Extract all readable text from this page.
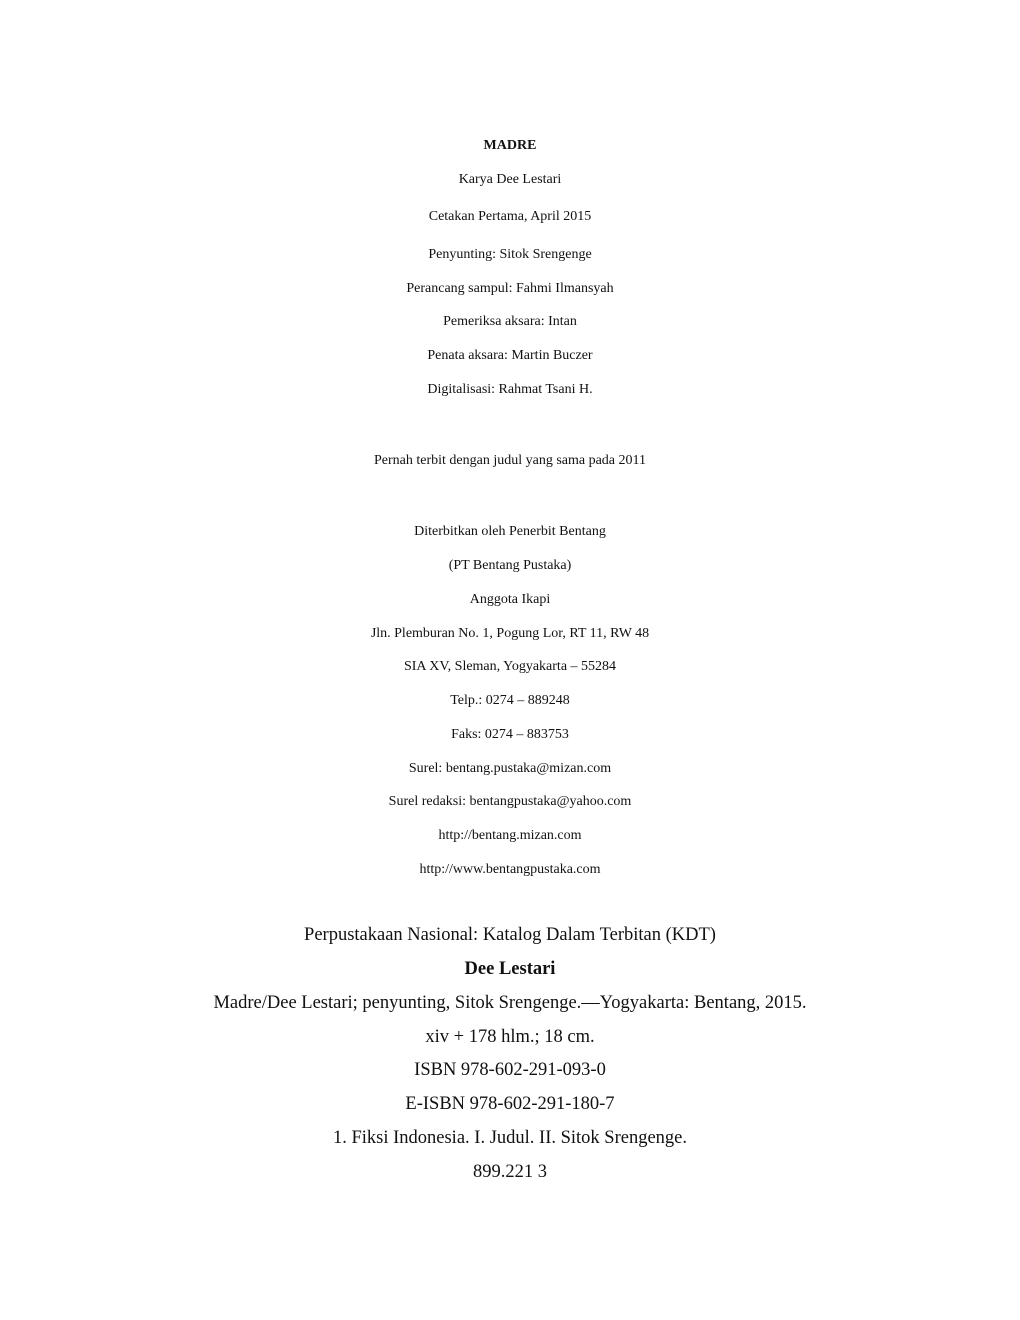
MADRE
Karya Dee Lestari
Cetakan Pertama, April 2015
Penyunting: Sitok Srengenge
Perancang sampul: Fahmi Ilmansyah
Pemeriksa aksara: Intan
Penata aksara: Martin Buczer
Digitalisasi: Rahmat Tsani H.
Pernah terbit dengan judul yang sama pada 2011
Diterbitkan oleh Penerbit Bentang
(PT Bentang Pustaka)
Anggota Ikapi
Jln. Plemburan No. 1, Pogung Lor, RT 11, RW 48
SIA XV, Sleman, Yogyakarta – 55284
Telp.: 0274 – 889248
Faks: 0274 – 883753
Surel: bentang.pustaka@mizan.com
Surel redaksi: bentangpustaka@yahoo.com
http://bentang.mizan.com
http://www.bentangpustaka.com
Perpustakaan Nasional: Katalog Dalam Terbitan (KDT)
Dee Lestari
Madre/Dee Lestari; penyunting, Sitok Srengenge.—Yogyakarta: Bentang, 2015.
xiv + 178 hlm.; 18 cm.
ISBN 978-602-291-093-0
E-ISBN 978-602-291-180-7
1. Fiksi Indonesia. I. Judul. II. Sitok Srengenge.
899.221 3
